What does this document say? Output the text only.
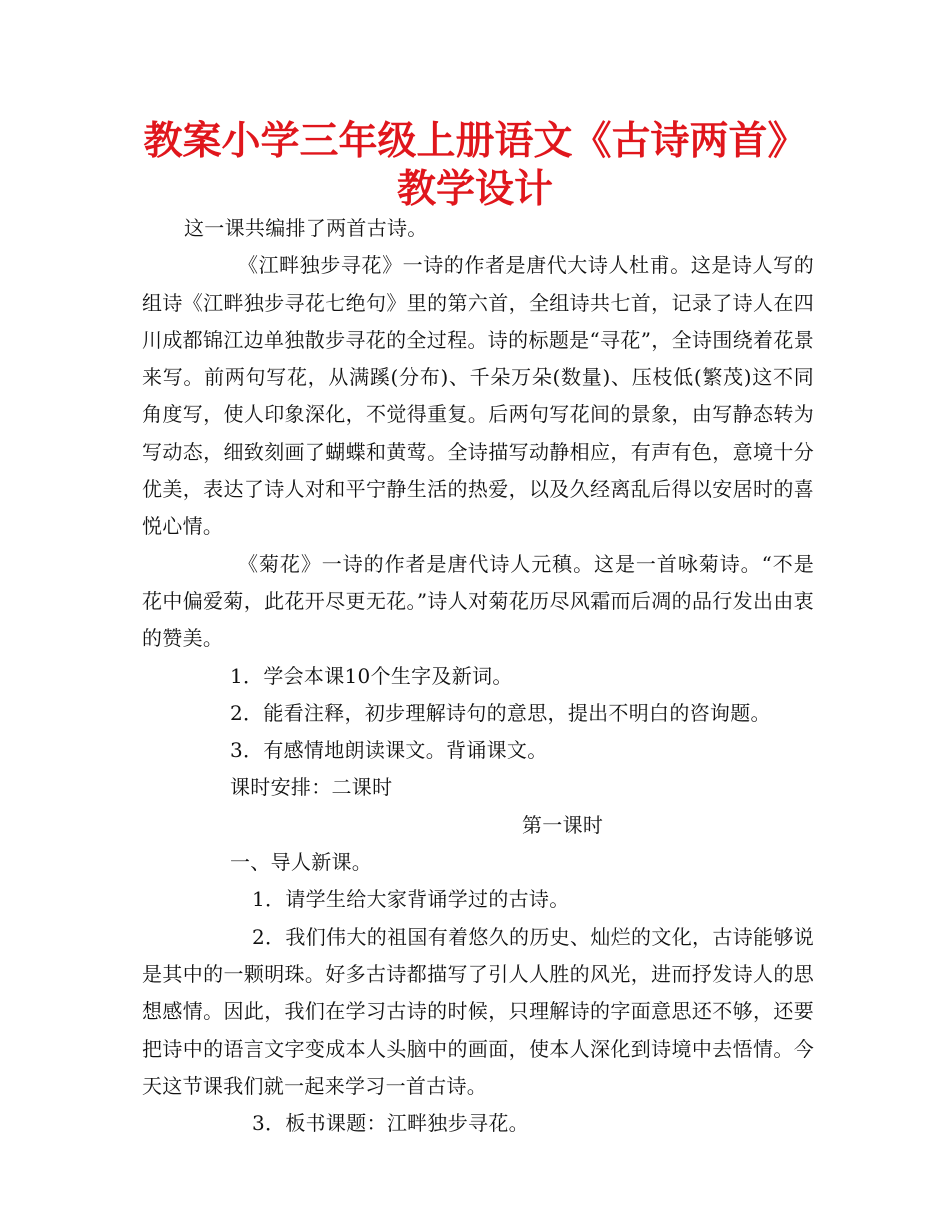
教案小学三年级上册语文《古诗两首》教学设计

这一课共编排了两首古诗。

《江畔独步寻花》一诗的作者是唐代大诗人杜甫。这是诗人写的组诗《江畔独步寻花七绝句》里的第六首，全组诗共七首，记录了诗人在四川成都锦江边单独散步寻花的全过程。诗的标题是“寻花”，全诗围绕着花景来写。前两句写花，从满蹊(分布)、千朵万朵(数量)、压枝低(繁茂)这不同角度写，使人印象深化，不觉得重复。后两句写花间的景象，由写静态转为写动态，细致刻画了蝴蝶和黄莺。全诗描写动静相应，有声有色，意境十分优美，表达了诗人对和平宁静生活的热爱，以及久经离乱后得以安居时的喜悦心情。

《菊花》一诗的作者是唐代诗人元稹。这是一首咏菊诗。“不是花中偏爱菊，此花开尽更无花。”诗人对菊花历尽风霜而后凋的品行发出由衷的赞美。

1．学会本课10个生字及新词。

2．能看注释，初步理解诗句的意思，提出不明白的咨询题。

3．有感情地朗读课文。背诵课文。

课时安排：二课时

第一课时

一、导人新课。

1．请学生给大家背诵学过的古诗。

2．我们伟大的祖国有着悠久的历史、灿烂的文化，古诗能够说是其中的一颗明珠。好多古诗都描写了引人人胜的风光，进而抒发诗人的思想感情。因此，我们在学习古诗的时候，只理解诗的字面意思还不够，还要把诗中的语言文字变成本人头脑中的画面，使本人深化到诗境中去悟情。今天这节课我们就一起来学习一首古诗。

3．板书课题：江畔独步寻花。
